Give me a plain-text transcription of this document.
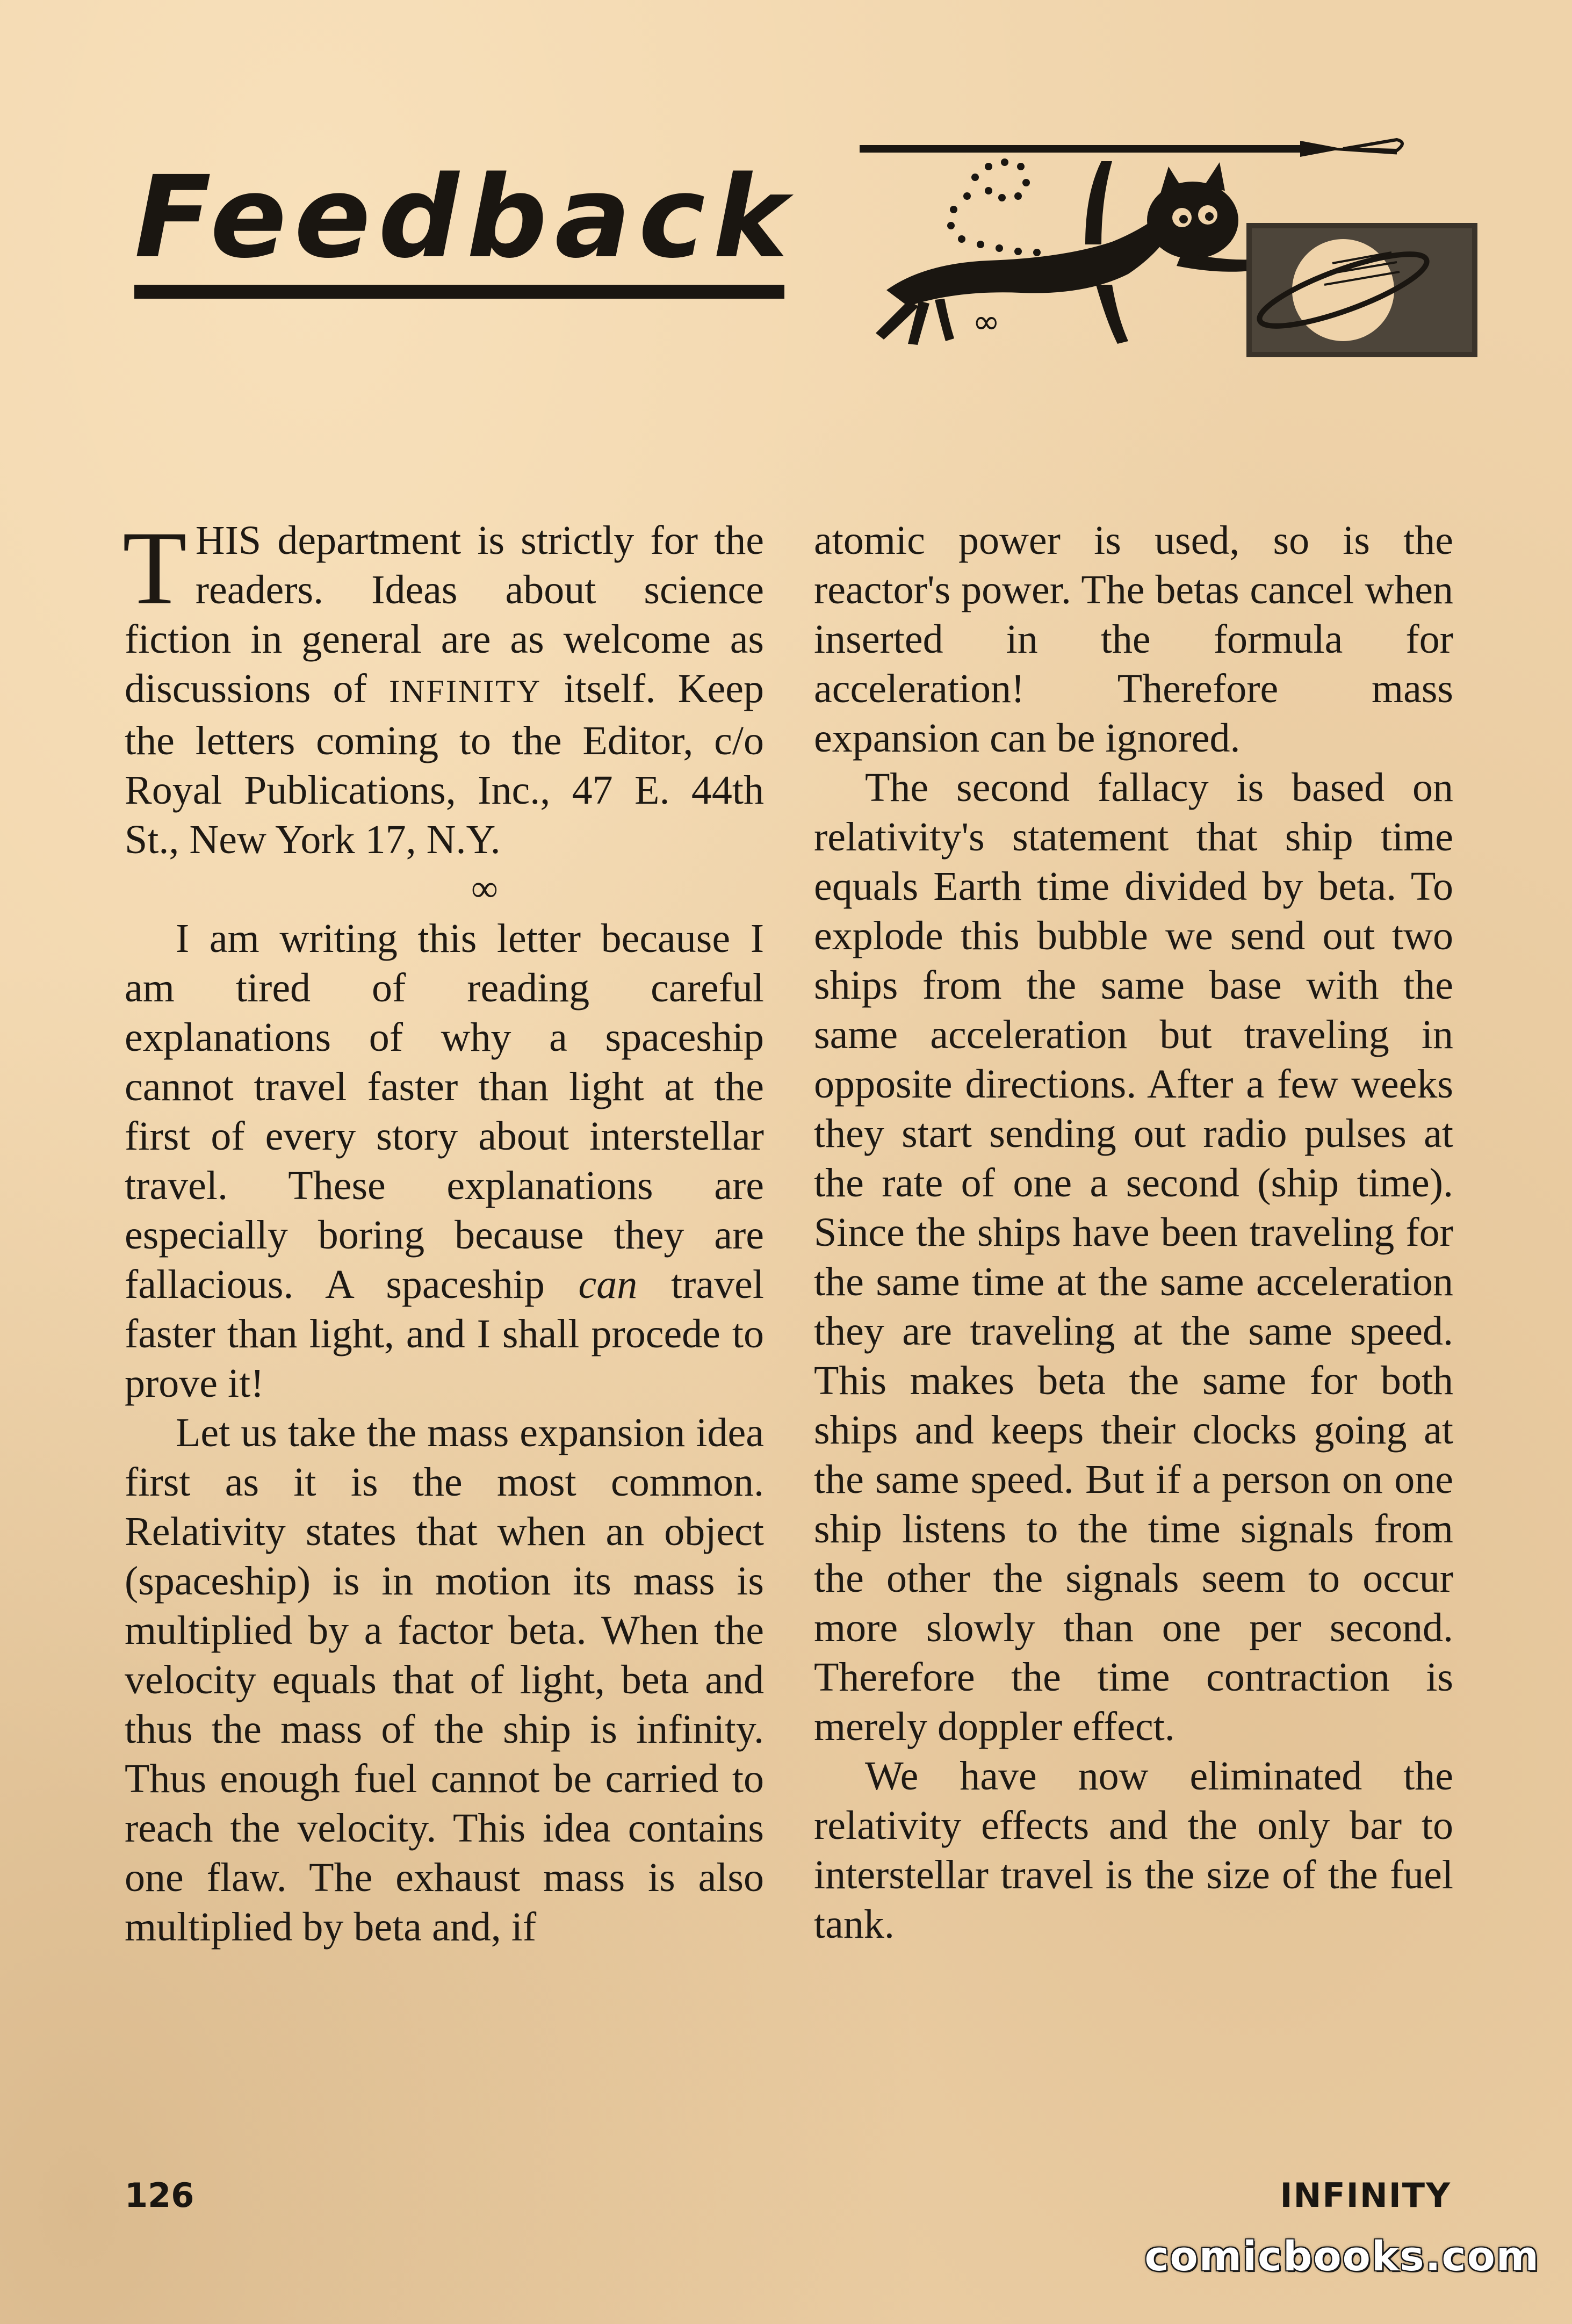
Feedback
∞

THIS department is strictly for the readers. Ideas about science fiction in general are as welcome as discussions of INFINITY itself. Keep the letters coming to the Editor, c/o Royal Publications, Inc., 47 E. 44th St., New York 17, N.Y.

∞

I am writing this letter because I am tired of reading careful explanations of why a spaceship cannot travel faster than light at the first of every story about interstellar travel. These explanations are especially boring because they are fallacious. A spaceship can travel faster than light, and I shall procede to prove it!

Let us take the mass expansion idea first as it is the most common. Relativity states that when an object (spaceship) is in motion its mass is multiplied by a factor beta. When the velocity equals that of light, beta and thus the mass of the ship is infinity. Thus enough fuel cannot be carried to reach the velocity. This idea contains one flaw. The exhaust mass is also multiplied by beta and, if

atomic power is used, so is the reactor's power. The betas cancel when inserted in the formula for acceleration! Therefore mass expansion can be ignored.

The second fallacy is based on relativity's statement that ship time equals Earth time divided by beta. To explode this bubble we send out two ships from the same base with the same acceleration but traveling in opposite directions. After a few weeks they start sending out radio pulses at the rate of one a second (ship time). Since the ships have been traveling for the same time at the same acceleration they are traveling at the same speed. This makes beta the same for both ships and keeps their clocks going at the same speed. But if a person on one ship listens to the time signals from the other the signals seem to occur more slowly than one per second. Therefore the time contraction is merely doppler effect.

We have now eliminated the relativity effects and the only bar to interstellar travel is the size of the fuel tank.

126	INFINITY
comicbooks.com
